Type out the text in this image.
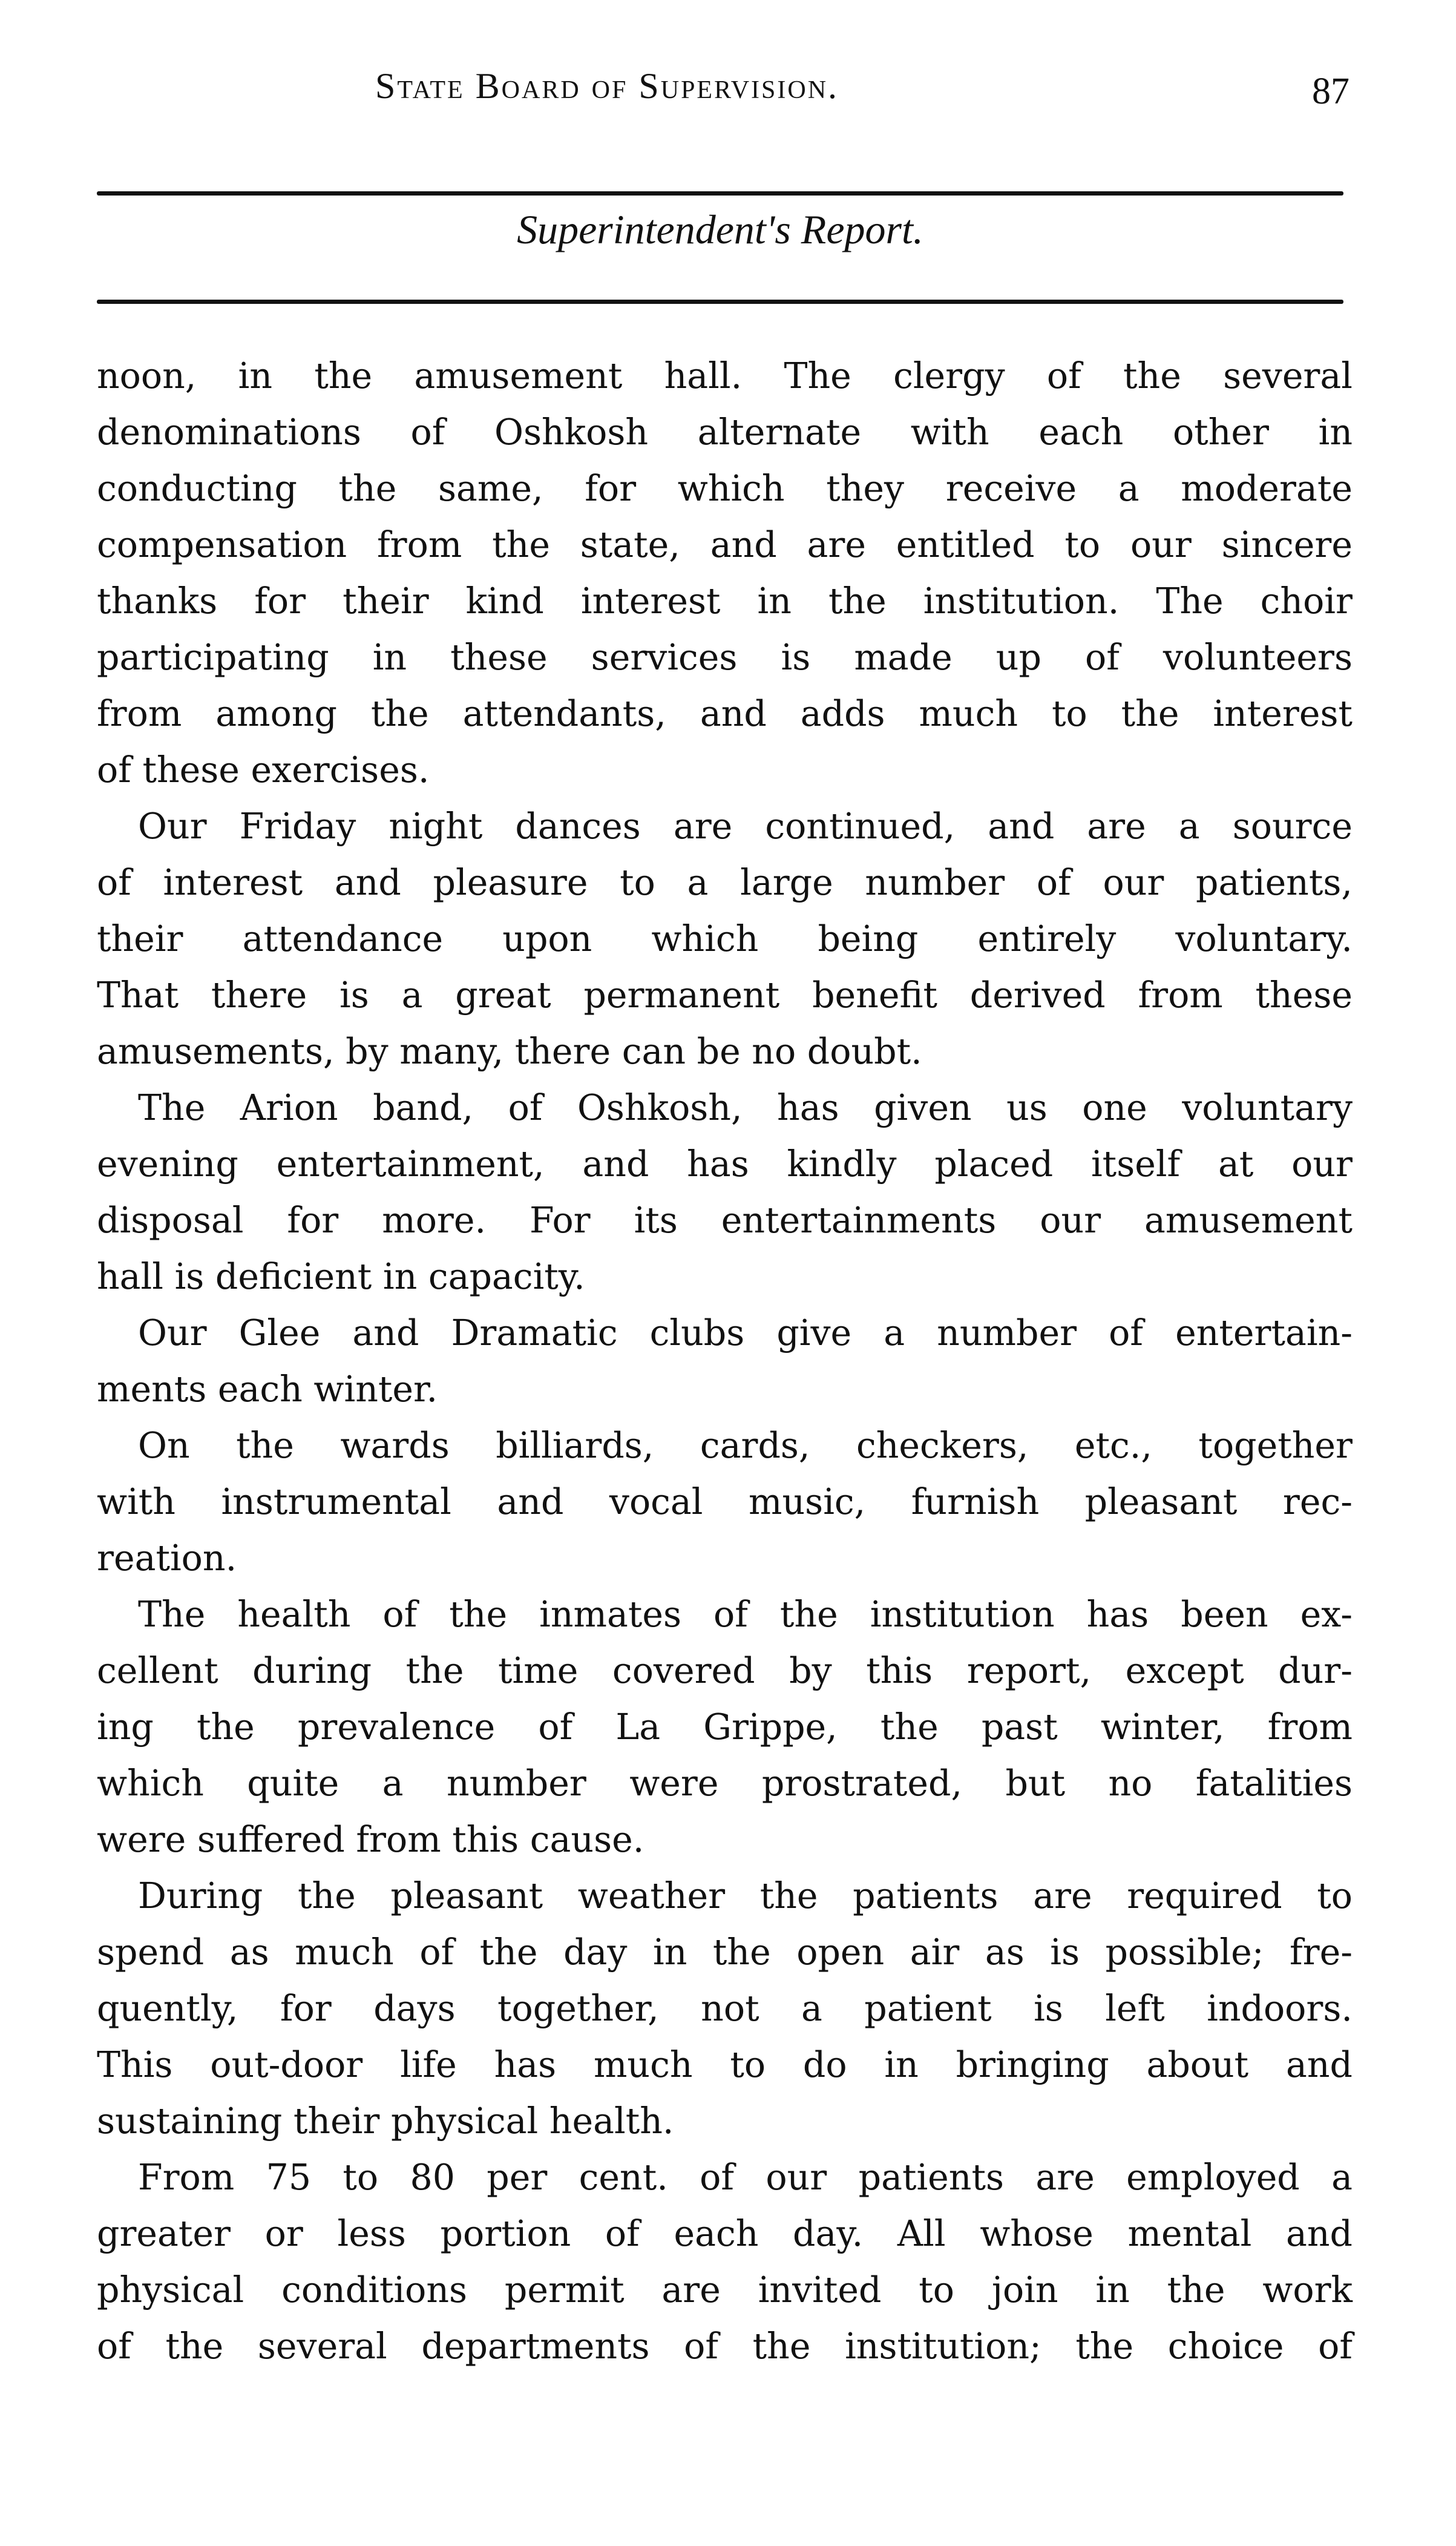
State Board of Supervision.	87
Superintendent's Report.
noon, in the amusement hall. The clergy of the several
denominations of Oshkosh alternate with each other in
conducting the same, for which they receive a moderate
compensation from the state, and are entitled to our sincere
thanks for their kind interest in the institution. The choir
participating in these services is made up of volunteers
from among the attendants, and adds much to the interest
of these exercises.
Our Friday night dances are continued, and are a source
of interest and pleasure to a large number of our patients,
their attendance upon which being entirely voluntary.
That there is a great permanent benefit derived from these
amusements, by many, there can be no doubt.
The Arion band, of Oshkosh, has given us one voluntary
evening entertainment, and has kindly placed itself at our
disposal for more. For its entertainments our amusement
hall is deficient in capacity.
Our Glee and Dramatic clubs give a number of entertain-
ments each winter.
On the wards billiards, cards, checkers, etc., together
with instrumental and vocal music, furnish pleasant rec-
reation.
The health of the inmates of the institution has been ex-
cellent during the time covered by this report, except dur-
ing the prevalence of La Grippe, the past winter, from
which quite a number were prostrated, but no fatalities
were suffered from this cause.
During the pleasant weather the patients are required to
spend as much of the day in the open air as is possible; fre-
quently, for days together, not a patient is left indoors.
This out-door life has much to do in bringing about and
sustaining their physical health.
From 75 to 80 per cent. of our patients are employed a
greater or less portion of each day. All whose mental and
physical conditions permit are invited to join in the work
of the several departments of the institution; the choice of
